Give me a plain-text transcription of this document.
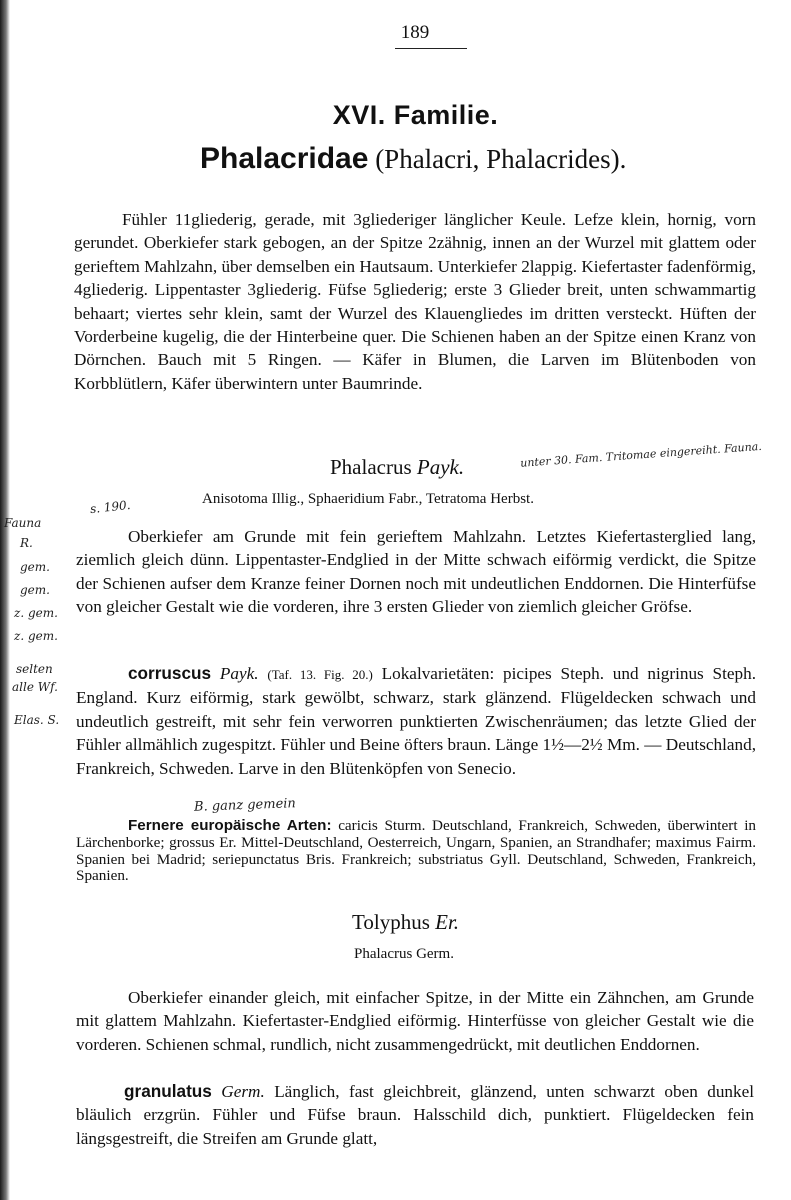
189
XVI. Familie.
Phalacridae (Phalacri, Phalacrides).
Fühler 11gliederig, gerade, mit 3gliederiger länglicher Keule. Lefze klein, hornig, vorn gerundet. Oberkiefer stark gebogen, an der Spitze 2zähnig, innen an der Wurzel mit glattem oder gerieftem Mahlzahn, über demselben ein Hautsaum. Unterkiefer 2lappig. Kiefertaster fadenförmig, 4gliederig. Lippentaster 3gliederig. Füfse 5gliederig; erste 3 Glieder breit, unten schwammartig behaart; viertes sehr klein, samt der Wurzel des Klauengliedes im dritten versteckt. Hüften der Vorderbeine kugelig, die der Hinterbeine quer. Die Schienen haben an der Spitze einen Kranz von Dörnchen. Bauch mit 5 Ringen. — Käfer in Blumen, die Larven im Blütenboden von Korbblütlern, Käfer überwintern unter Baumrinde.
Phalacrus Payk.	unter 30. Fam. Tritomae eingereiht. Fauna.
Anisotoma Illig., Sphaeridium Fabr., Tetratoma Herbst.
s. 190.
Oberkiefer am Grunde mit fein gerieftem Mahlzahn. Letztes Kiefertasterglied lang, ziemlich gleich dünn. Lippentaster-Endglied in der Mitte schwach eiförmig verdickt, die Spitze der Schienen aufser dem Kranze feiner Dornen noch mit undeutlichen Enddornen. Die Hinterfüfse von gleicher Gestalt wie die vorderen, ihre 3 ersten Glieder von ziemlich gleicher Gröfse.
corruscus Payk. (Taf. 13. Fig. 20.) Lokalvarietäten: picipes Steph. und nigrinus Steph. England. Kurz eiförmig, stark gewölbt, schwarz, stark glänzend. Flügeldecken schwach und undeutlich gestreift, mit sehr fein verworren punktierten Zwischenräumen; das letzte Glied der Fühler allmählich zugespitzt. Fühler und Beine öfters braun. Länge 1½—2½ Mm. — Deutschland, Frankreich, Schweden. Larve in den Blütenköpfen von Senecio.
B. ganz gemein
Fernere europäische Arten: caricis Sturm. Deutschland, Frankreich, Schweden, überwintert in Lärchenborke; grossus Er. Mittel-Deutschland, Oesterreich, Ungarn, Spanien, an Strandhafer; maximus Fairm. Spanien bei Madrid; seriepunctatus Bris. Frankreich; substriatus Gyll. Deutschland, Schweden, Frankreich, Spanien.
Tolyphus Er.
Phalacrus Germ.
Oberkiefer einander gleich, mit einfacher Spitze, in der Mitte ein Zähnchen, am Grunde mit glattem Mahlzahn. Kiefertaster-Endglied eiförmig. Hinterfüsse von gleicher Gestalt wie die vorderen. Schienen schmal, rundlich, nicht zusammengedrückt, mit deutlichen Enddornen.
granulatus Germ. Länglich, fast gleichbreit, glänzend, unten schwarzt oben dunkel bläulich erzgrün. Fühler und Füfse braun. Halsschild dich, punktiert. Flügeldecken fein längsgestreift, die Streifen am Grunde glatt,
Fauna
R.
gem.
gem.
z. gem.
z. gem.
selten
alle Wf.
Elas. S.
